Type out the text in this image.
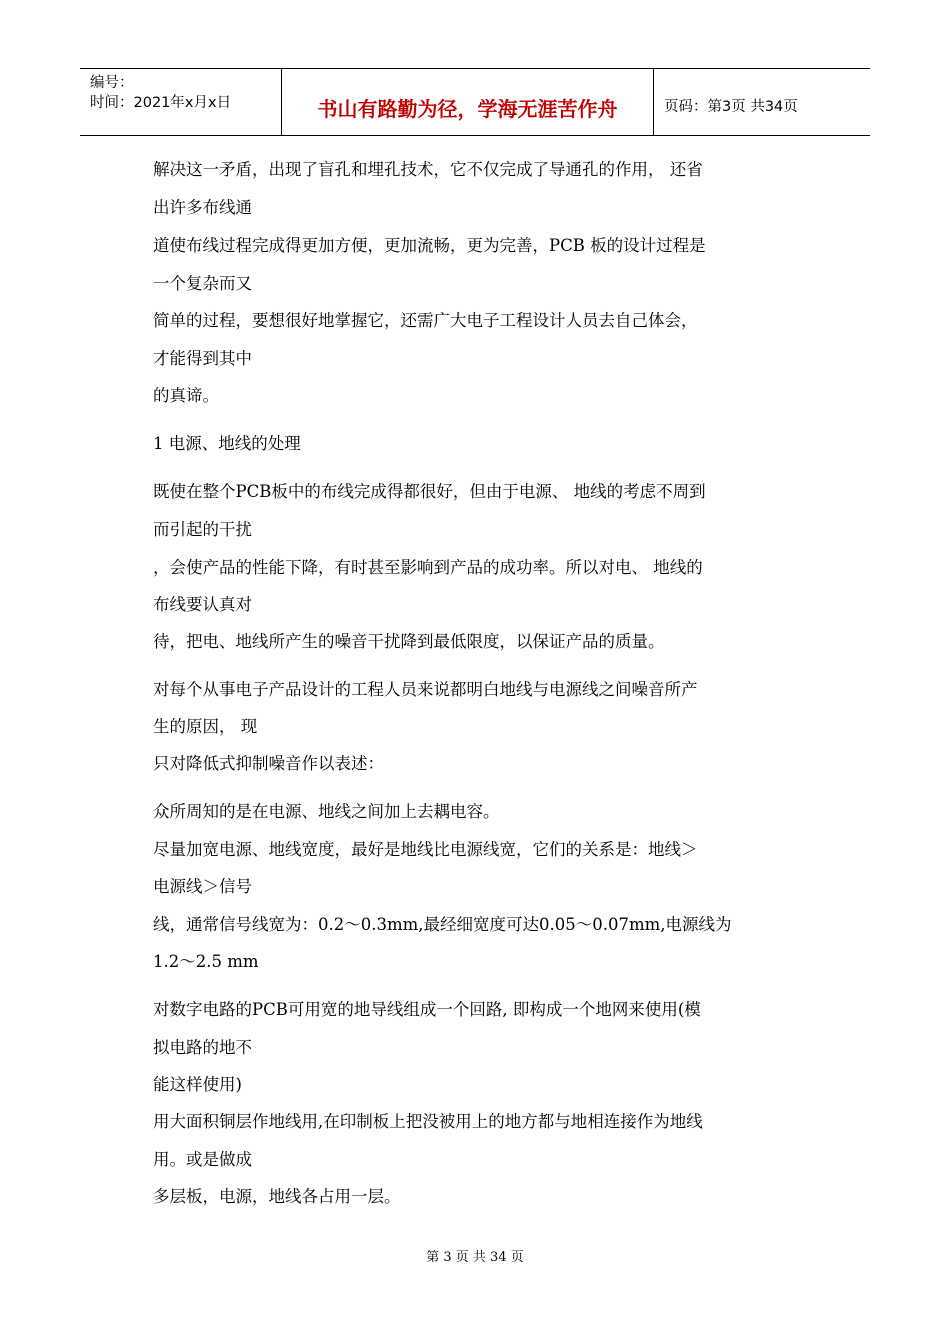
编号：
时间：2021年x月x日	书山有路勤为径，学海无涯苦作舟	页码：第3页 共34页
解决这一矛盾，出现了盲孔和埋孔技术，它不仅完成了导通孔的作用， 还省
出许多布线通
道使布线过程完成得更加方便，更加流畅，更为完善，PCB 板的设计过程是
一个复杂而又
简单的过程，要想很好地掌握它，还需广大电子工程设计人员去自己体会，
才能得到其中
的真谛。
1 电源、地线的处理
既使在整个PCB板中的布线完成得都很好，但由于电源、 地线的考虑不周到
而引起的干扰
，会使产品的性能下降，有时甚至影响到产品的成功率。所以对电、 地线的
布线要认真对
待，把电、地线所产生的噪音干扰降到最低限度，以保证产品的质量。
对每个从事电子产品设计的工程人员来说都明白地线与电源线之间噪音所产
生的原因， 现
只对降低式抑制噪音作以表述：
众所周知的是在电源、地线之间加上去耦电容。
尽量加宽电源、地线宽度，最好是地线比电源线宽，它们的关系是：地线＞
电源线＞信号
线，通常信号线宽为：0.2～0.3mm,最经细宽度可达0.05～0.07mm,电源线为
1.2～2.5 mm
对数字电路的PCB可用宽的地导线组成一个回路, 即构成一个地网来使用(模
拟电路的地不
能这样使用)
用大面积铜层作地线用,在印制板上把没被用上的地方都与地相连接作为地线
用。或是做成
多层板，电源，地线各占用一层。
第 3 页 共 34 页
